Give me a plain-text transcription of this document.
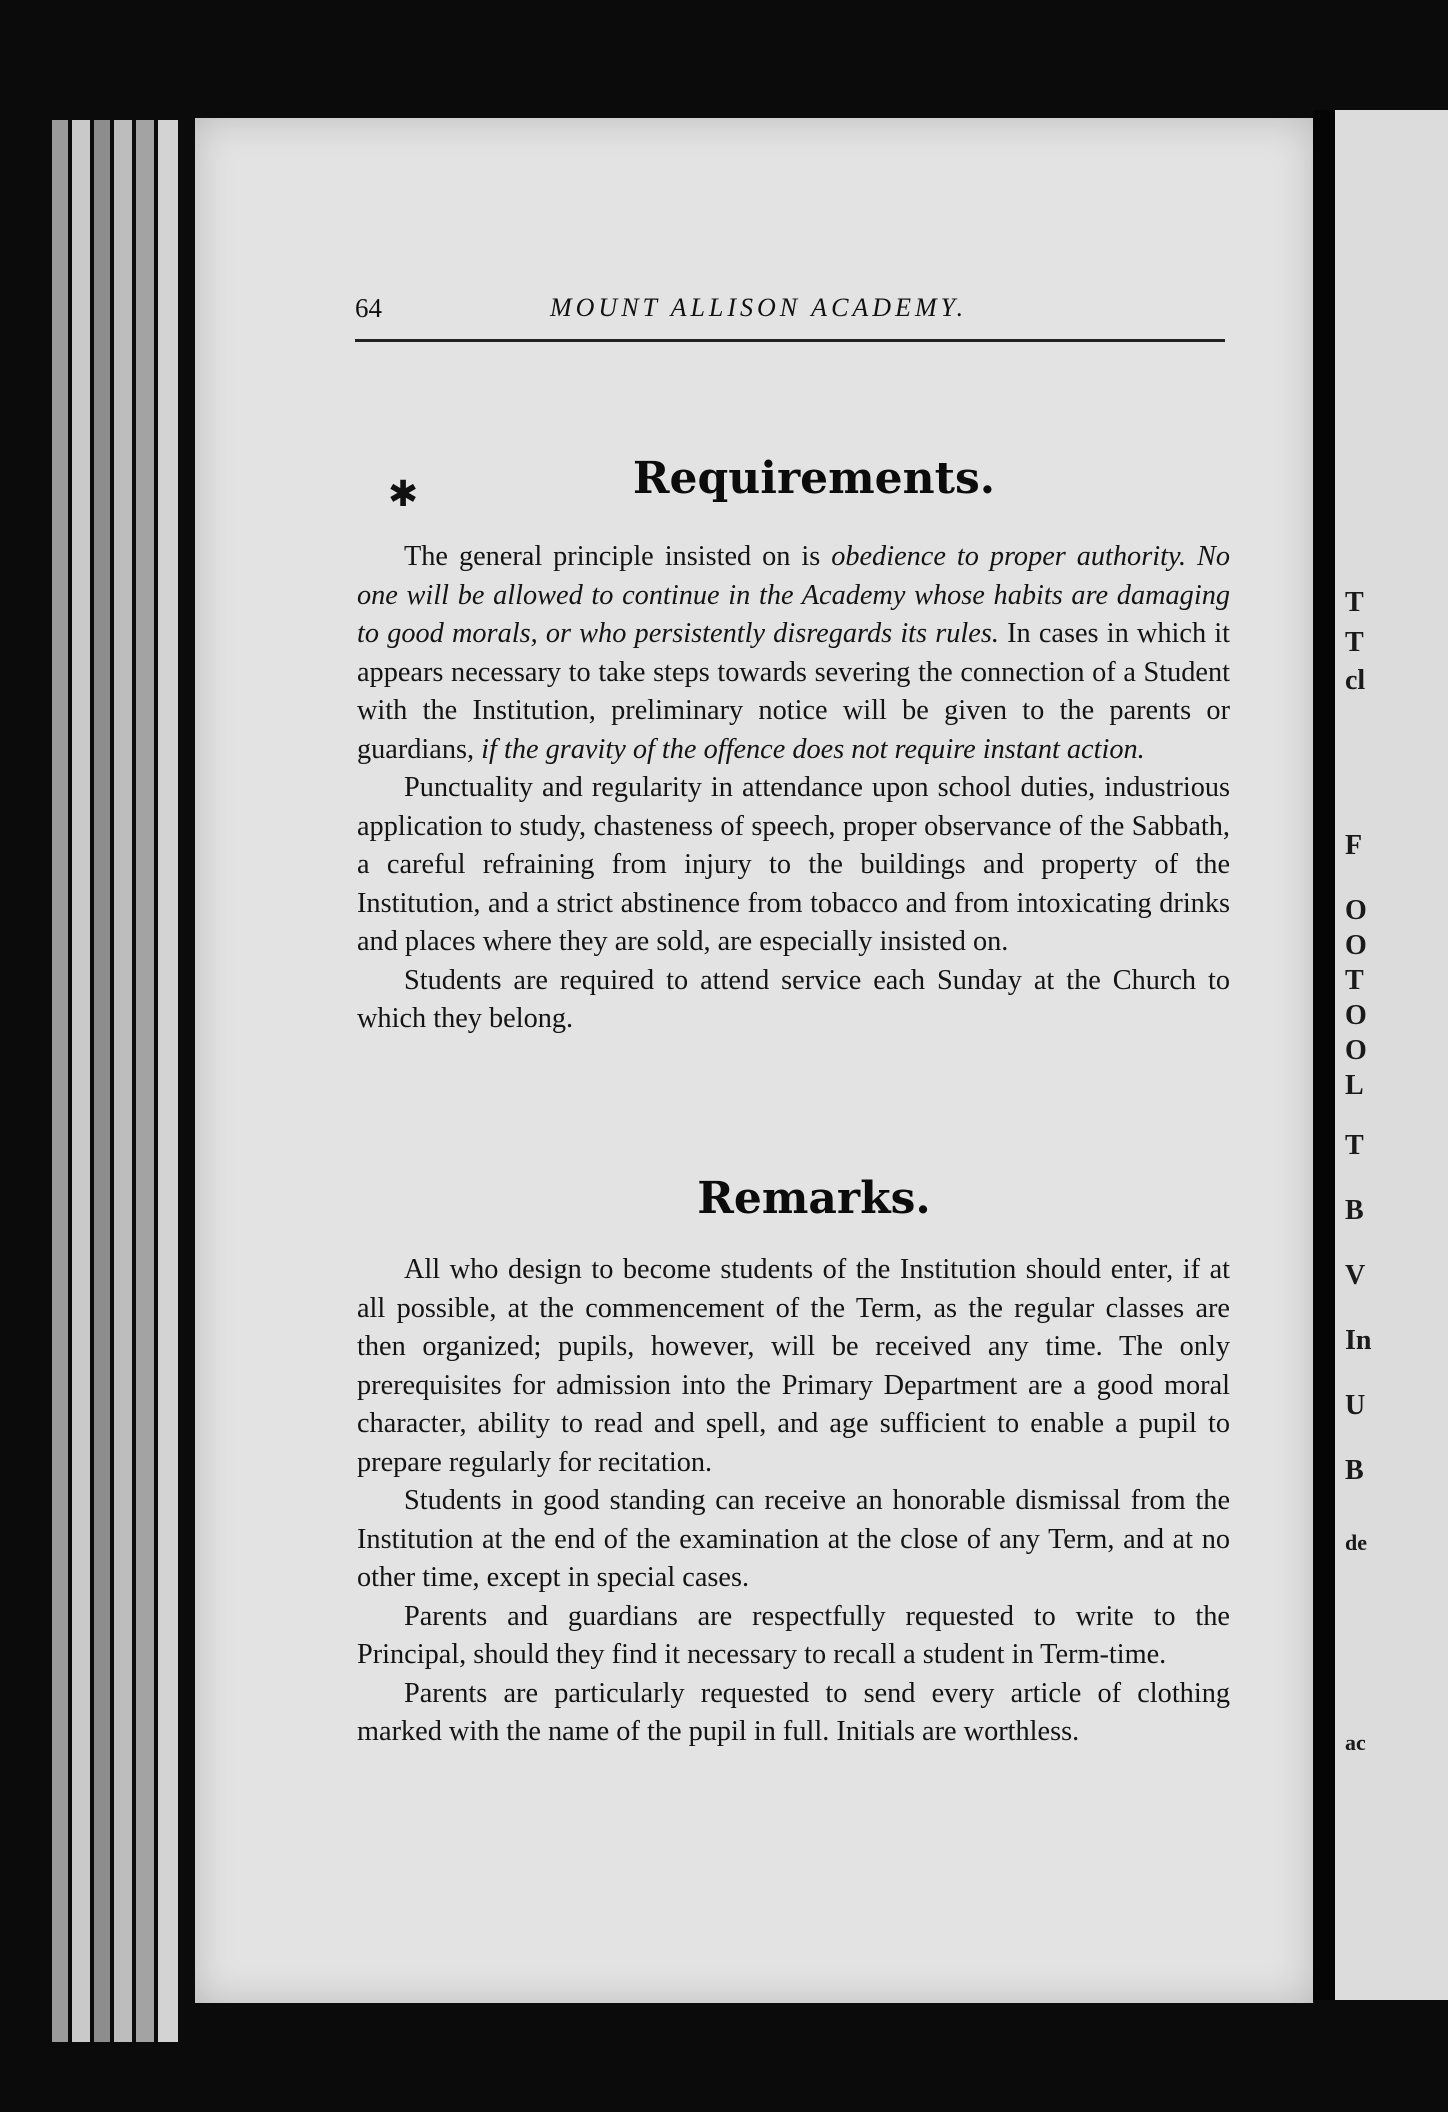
64	MOUNT ALLISON ACADEMY.
✱	Requirements.

The general principle insisted on is obedience to proper authority. No one will be allowed to continue in the Academy whose habits are damaging to good morals, or who persistently disregards its rules. In cases in which it appears necessary to take steps towards severing the connection of a Student with the Institution, preliminary notice will be given to the parents or guardians, if the gravity of the offence does not require instant action.

Punctuality and regularity in attendance upon school duties, industrious application to study, chasteness of speech, proper observance of the Sabbath, a careful refraining from injury to the buildings and property of the Institution, and a strict abstinence from tobacco and from intoxicating drinks and places where they are sold, are especially insisted on.

Students are required to attend service each Sunday at the Church to which they belong.

Remarks.

All who design to become students of the Institution should enter, if at all possible, at the commencement of the Term, as the regular classes are then organized; pupils, however, will be received any time. The only prerequisites for admission into the Primary Department are a good moral character, ability to read and spell, and age sufficient to enable a pupil to prepare regularly for recitation.

Students in good standing can receive an honorable dismissal from the Institution at the end of the examination at the close of any Term, and at no other time, except in special cases.

Parents and guardians are respectfully requested to write to the Principal, should they find it necessary to recall a student in Term-time.

Parents are particularly requested to send every article of clothing marked with the name of the pupil in full. Initials are worthless.

T
T
cl
F
O
O
T
O
O
L
T
B
V
In
U
B
de
ac
